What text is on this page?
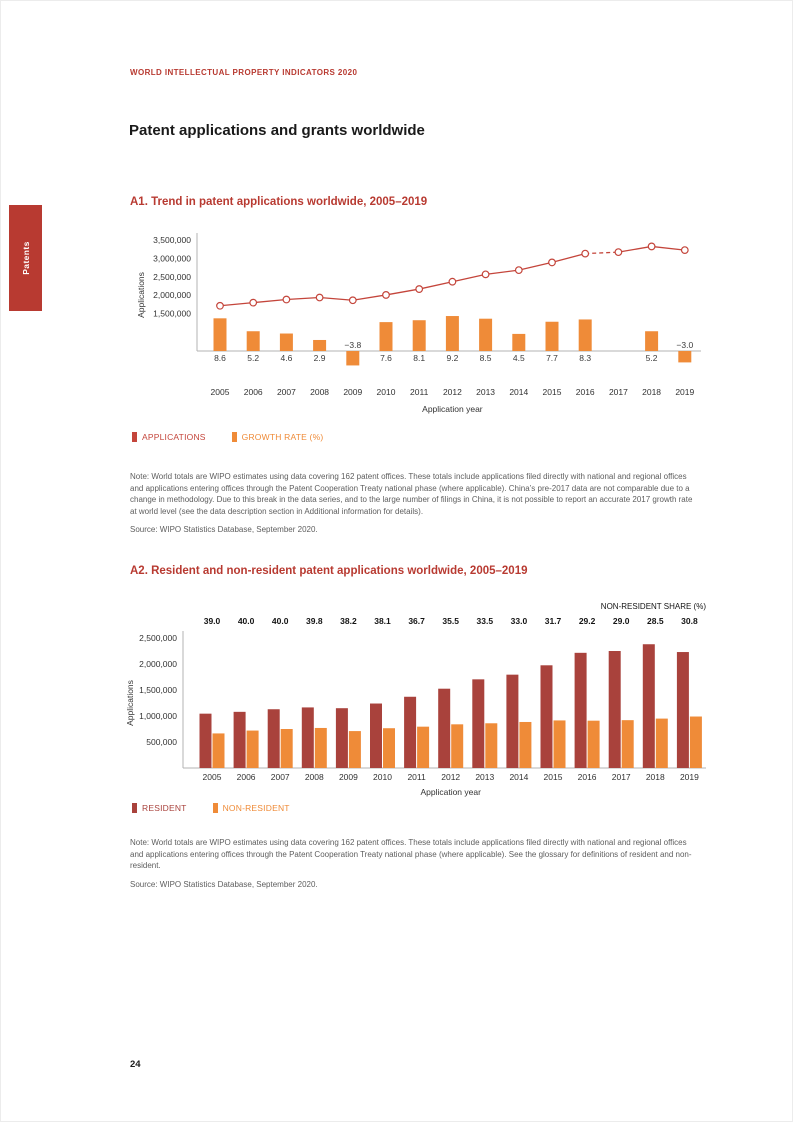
WORLD INTELLECTUAL PROPERTY INDICATORS 2020
Patent applications and grants worldwide
Patents
A1. Trend in patent applications worldwide, 2005–2019
3,500,000
3,000,000
2,500,000
2,000,000
1,500,000
8.6	5.2	4.6	2.9
−3.8
7.6	8.1	9.2	8.5	4.5	7.7	8.3	5.2
−3.0
2005 2006 2007 2008 2009 2010 2011 2012 2013 2014 2015 2016 2017 2018 2019
Application year
Applications
APPLICATIONS	GROWTH RATE (%)
Note: World totals are WIPO estimates using data covering 162 patent offices. These totals include applications filed directly with national and regional offices and applications entering offices through the Patent Cooperation Treaty national phase (where applicable). China’s pre-2017 data are not comparable due to a change in methodology. Due to this break in the data series, and to the large number of filings in China, it is not possible to report an accurate 2017 growth rate at world level (see the data description section in Additional information for details).
Source: WIPO Statistics Database, September 2020.
A2. Resident and non-resident patent applications worldwide, 2005–2019
2,500,000
2,000,000
1,500,000
1,000,000
500,000
NON-RESIDENT SHARE (%)
39.0 40.0 40.0 39.8 38.2 38.1 36.7 35.5 33.5 33.0 31.7 29.2 29.0 28.5 30.8
2005 2006 2007 2008 2009 2010 2011 2012 2013 2014 2015 2016 2017 2018 2019
Application year
Applications
RESIDENT	NON-RESIDENT
Note: World totals are WIPO estimates using data covering 162 patent offices. These totals include applications filed directly with national and regional offices and applications entering offices through the Patent Cooperation Treaty national phase (where applicable). See the glossary for definitions of resident and non-resident.
Source: WIPO Statistics Database, September 2020.
24
